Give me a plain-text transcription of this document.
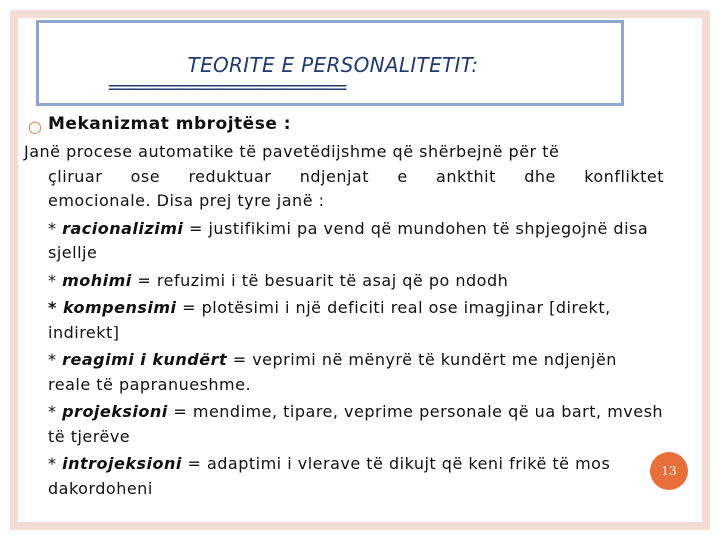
TEORITE E PERSONALITETIT:
==========================
○ Mekanizmat mbrojtëse :
Janë procese automatike të pavetëdijshme që shërbejnë për të
çliruar ose reduktuar ndjenjat e ankthit dhe konfliktet
emocionale. Disa prej tyre janë :
* racionalizimi = justifikimi pa vend që mundohen të shpjegojnë disa sjellje
* mohimi = refuzimi i të besuarit të asaj që po ndodh
* kompensimi = plotësimi i një deficiti real ose imagjinar [direkt, indirekt]
* reagimi i kundërt = veprimi në mënyrë të kundërt me ndjenjën reale të papranueshme.
* projeksioni = mendime, tipare, veprime personale që ua bart, mvesh të tjerëve
* introjeksioni = adaptimi i vlerave të dikujt që keni frikë të mos dakordoheni
13
